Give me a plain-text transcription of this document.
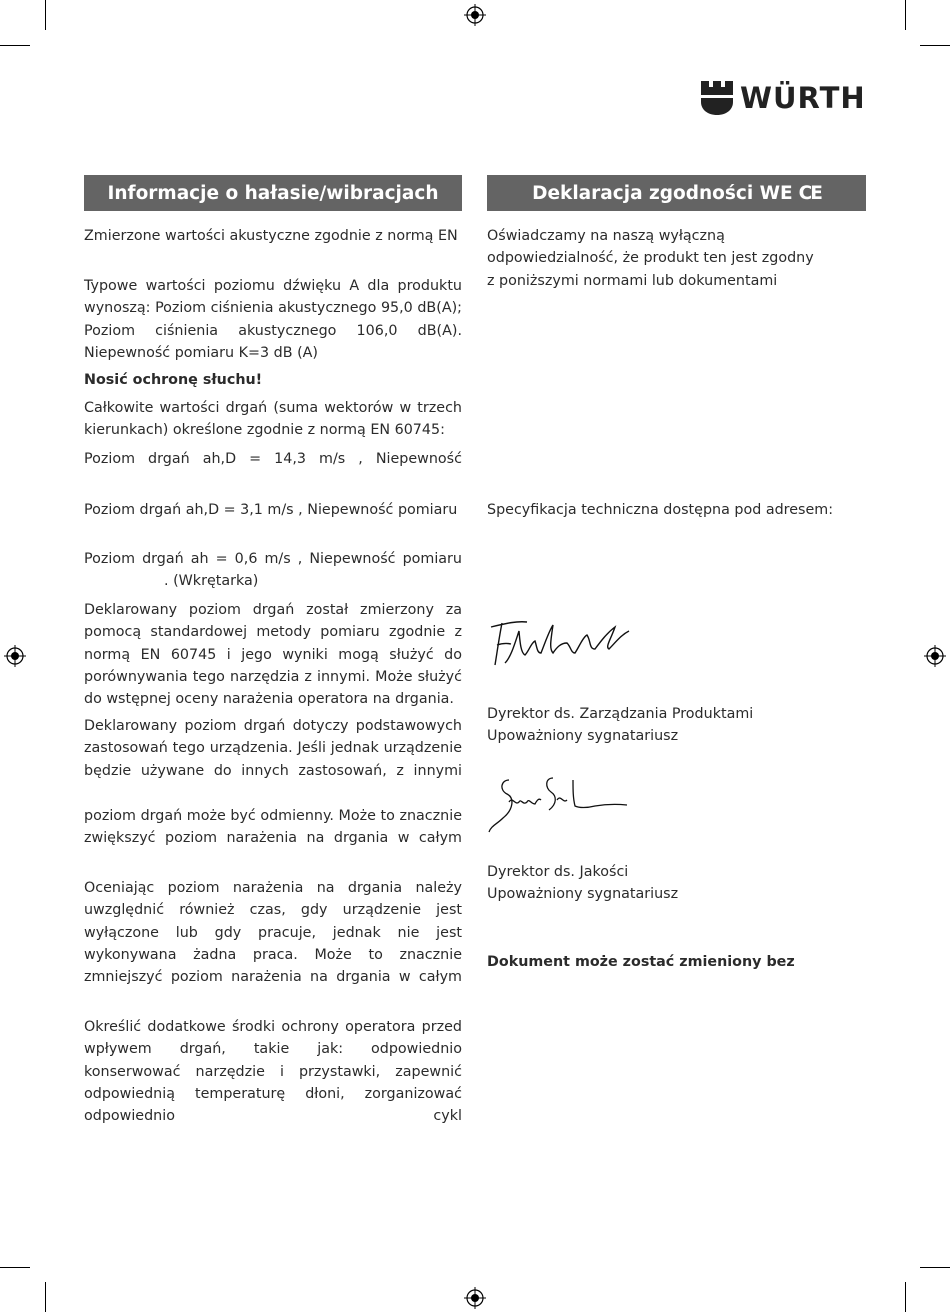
WÜRTH
Informacje o hałasie/wibracjach

Zmierzone wartości akustyczne zgodnie z normą EN

Typowe wartości poziomu dźwięku A dla produktu wynoszą: Poziom ciśnienia akustycznego 95,0 dB(A); Poziom ciśnienia akustycznego 106,0 dB(A). Niepewność pomiaru K=3 dB (A)

Nosić ochronę słuchu!

Całkowite wartości drgań (suma wektorów w trzech kierunkach) określone zgodnie z normą EN 60745:

Poziom drgań ah,D = 14,3 m/s , Niepewność

Poziom drgań ah,D = 3,1 m/s , Niepewność pomiaru

Poziom drgań ah = 0,6 m/s , Niepewność pomiaru

. (Wkrętarka)

Deklarowany poziom drgań został zmierzony za pomocą standardowej metody pomiaru zgodnie z normą EN 60745 i jego wyniki mogą służyć do porównywania tego narzędzia z innymi. Może służyć do wstępnej oceny narażenia operatora na drgania.

Deklarowany poziom drgań dotyczy podstawowych zastosowań tego urządzenia. Jeśli jednak urządzenie będzie używane do innych zastosowań, z innymi

poziom drgań może być odmienny. Może to znacznie zwiększyć poziom narażenia na drgania w całym

Oceniając poziom narażenia na drgania należy uwzględnić również czas, gdy urządzenie jest wyłączone lub gdy pracuje, jednak nie jest wykonywana żadna praca. Może to znacznie zmniejszyć poziom narażenia na drgania w całym

Określić dodatkowe środki ochrony operatora przed wpływem drgań, takie jak: odpowiednio konserwować narzędzie i przystawki, zapewnić odpowiednią temperaturę dłoni, zorganizować odpowiednio cykl

Deklaracja zgodności WE CE

Oświadczamy na naszą wyłączną
odpowiedzialność, że produkt ten jest zgodny
z poniższymi normami lub dokumentami

Specyfikacja techniczna dostępna pod adresem:

Dyrektor ds. Zarządzania Produktami
Upoważniony sygnatariusz

Dyrektor ds. Jakości
Upoważniony sygnatariusz

Dokument może zostać zmieniony bez
